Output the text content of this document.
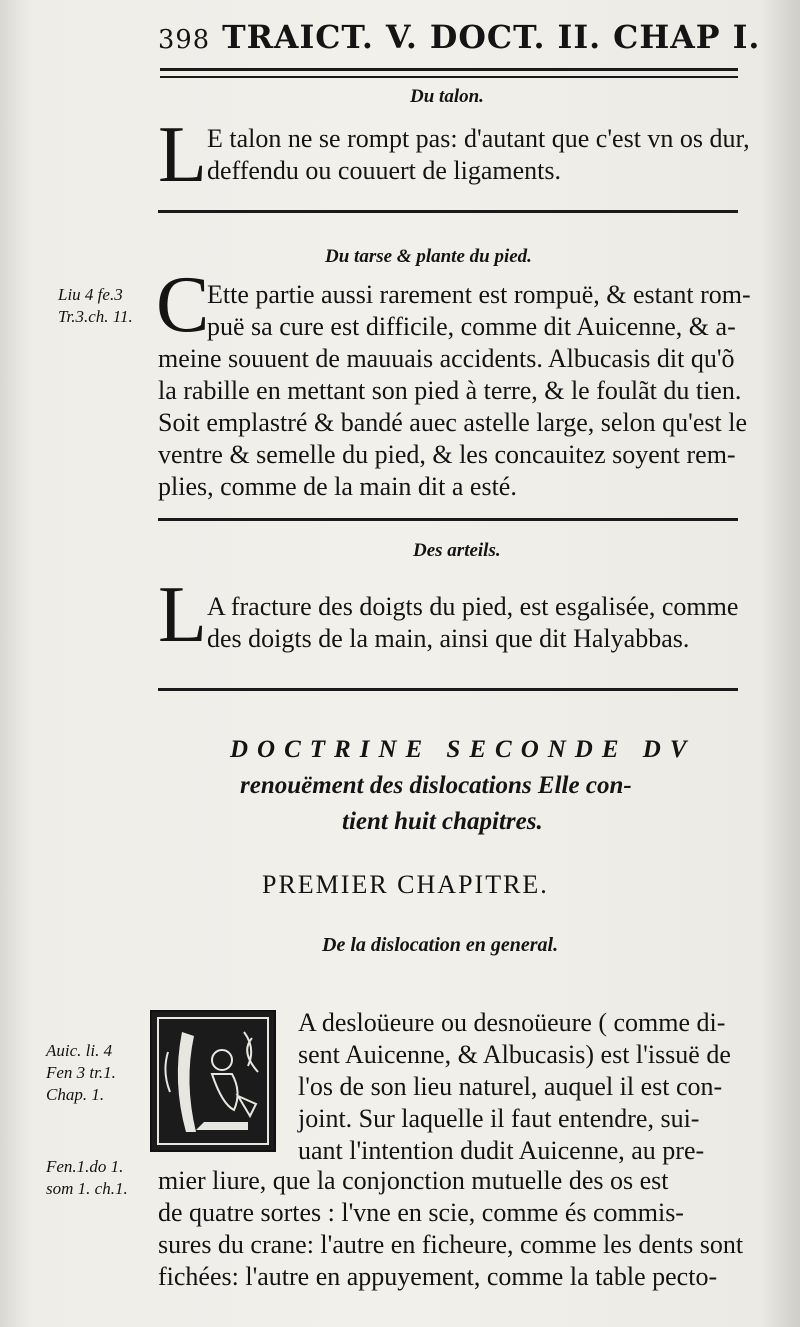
398 TRAICT. V. DOCT. II. CHAP I.
Du talon.
L E talon ne se rompt pas: d'autant que c'est vn os dur,
deffendu ou couuert de ligaments.
Du tarse & plante du pied.
Liu 4 fe.3
Tr.3.ch. 11. C
Ette partie aussi rarement est rompuë, & estant rom-
puë sa cure est difficile, comme dit Auicenne, & a-
meine souuent de mauuais accidents. Albucasis dit qu'õ
la rabille en mettant son pied à terre, & le foulãt du tien.
Soit emplastré & bandé auec astelle large, selon qu'est le
ventre & semelle du pied, & les concauitez soyent rem-
plies, comme de la main dit a esté.
Des arteils.
L A fracture des doigts du pied, est esgalisée, comme
des doigts de la main, ainsi que dit Halyabbas.
DOCTRINE SECONDE DV
renouëment des dislocations Elle con-
tient huit chapitres.
PREMIER CHAPITRE.
De la dislocation en general.
Auic. li. 4
Fen 3 tr.1.
Chap. 1.
Fen.1.do 1.
som 1. ch.1.
A desloüeure ou desnoüeure ( comme di-
sent Auicenne, & Albucasis) est l'issuë de
l'os de son lieu naturel, auquel il est con-
joint. Sur laquelle il faut entendre, sui-
uant l'intention dudit Auicenne, au pre-
mier liure, que la conjonction mutuelle des os est
de quatre sortes : l'vne en scie, comme és commis-
sures du crane: l'autre en ficheure, comme les dents sont
fichées: l'autre en appuyement, comme la table pecto-
